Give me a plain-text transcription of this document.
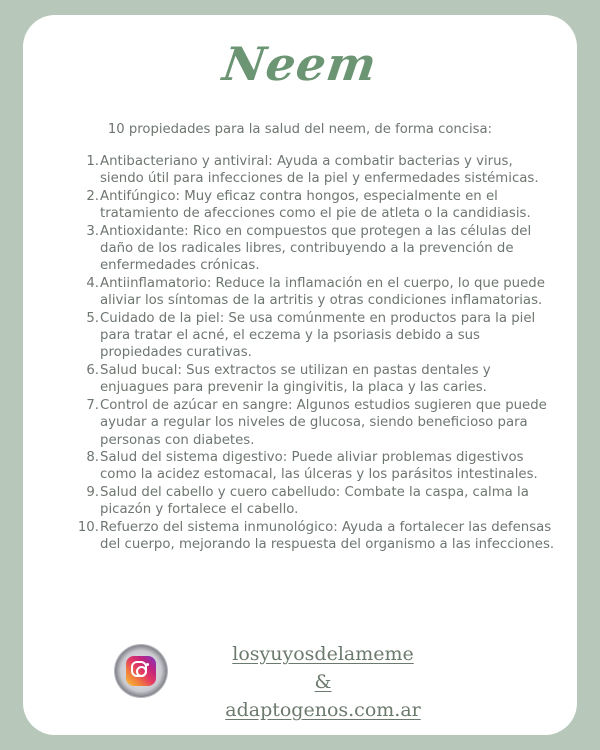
Neem
10 propiedades para la salud del neem, de forma concisa:
1. Antibacteriano y antiviral: Ayuda a combatir bacterias y virus, siendo útil para infecciones de la piel y enfermedades sistémicas.
2. Antifúngico: Muy eficaz contra hongos, especialmente en el tratamiento de afecciones como el pie de atleta o la candidiasis.
3. Antioxidante: Rico en compuestos que protegen a las células del daño de los radicales libres, contribuyendo a la prevención de enfermedades crónicas.
4. Antiinflamatorio: Reduce la inflamación en el cuerpo, lo que puede aliviar los síntomas de la artritis y otras condiciones inflamatorias.
5. Cuidado de la piel: Se usa comúnmente en productos para la piel para tratar el acné, el eczema y la psoriasis debido a sus propiedades curativas.
6. Salud bucal: Sus extractos se utilizan en pastas dentales y enjuagues para prevenir la gingivitis, la placa y las caries.
7. Control de azúcar en sangre: Algunos estudios sugieren que puede ayudar a regular los niveles de glucosa, siendo beneficioso para personas con diabetes.
8. Salud del sistema digestivo: Puede aliviar problemas digestivos como la acidez estomacal, las úlceras y los parásitos intestinales.
9. Salud del cabello y cuero cabelludo: Combate la caspa, calma la picazón y fortalece el cabello.
10. Refuerzo del sistema inmunológico: Ayuda a fortalecer las defensas del cuerpo, mejorando la respuesta del organismo a las infecciones.
losyuyosdelameme
&
adaptogenos.com.ar
